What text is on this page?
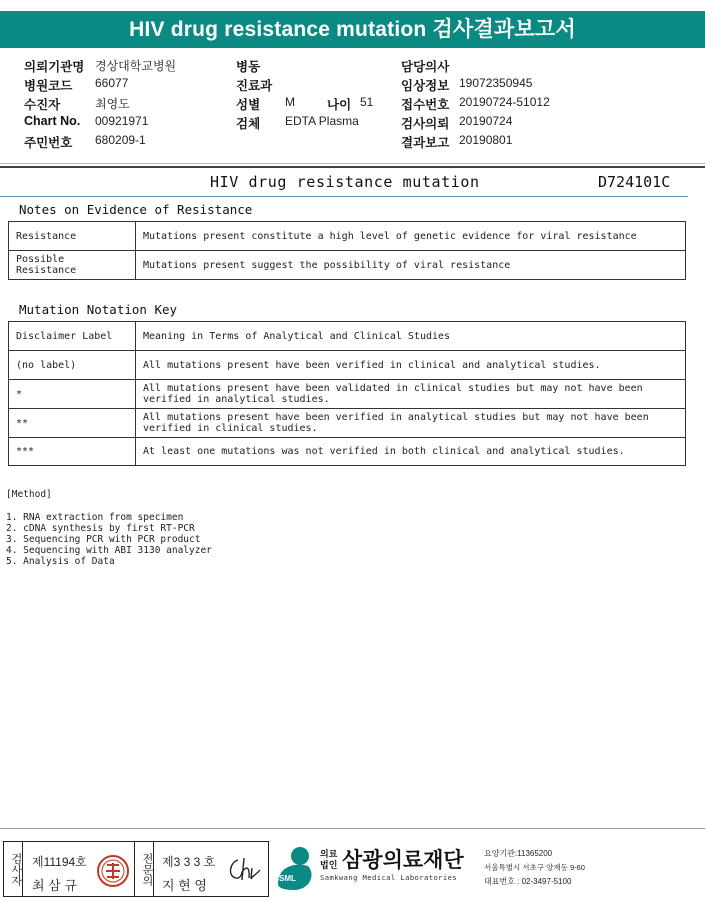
HIV drug resistance mutation 검사결과보고서
의뢰기관명 경상대학교병원	병동	담당의사
병원코드 66077	진료과	임상정보 19072350945
수진자	최영도	성별 M	나이 51 접수번호 20190724-51012
Chart No. 00921971	검체 EDTA Plasma	검사의뢰 20190724
주민번호 680209-1	결과보고 20190801
HIV drug resistance mutation	D724101C
Notes on Evidence of Resistance
Resistance	Mutations present constitute a high level of genetic evidence for viral resistance
Possible Resistance	Mutations present suggest the possibility of viral resistance
Mutation Notation Key
Disclaimer Label	Meaning in Terms of Analytical and Clinical Studies
(no label)	All mutations present have been verified in clinical and analytical studies.
*	All mutations present have been validated in clinical studies but may not have been verified in analytical studies.
**	All mutations present have been verified in analytical studies but may not have been verified in clinical studies.
***	At least one mutations was not verified in both clinical and analytical studies.
[Method]
1. RNA extraction from specimen
2. cDNA synthesis by first RT-PCR
3. Sequencing PCR with PCR product
4. Sequencing with ABI 3130 analyzer
5. Analysis of Data
검사자 제11194호
최 삼 규	전문의 제3 3 3 호
지 현 영	SML
의료
법인 삼광의료재단
Samkwang Medical Laboratories
요양기관:11365200
서울특별시 서초구 양재동 9-60
대표번호 : 02-3497-5100
